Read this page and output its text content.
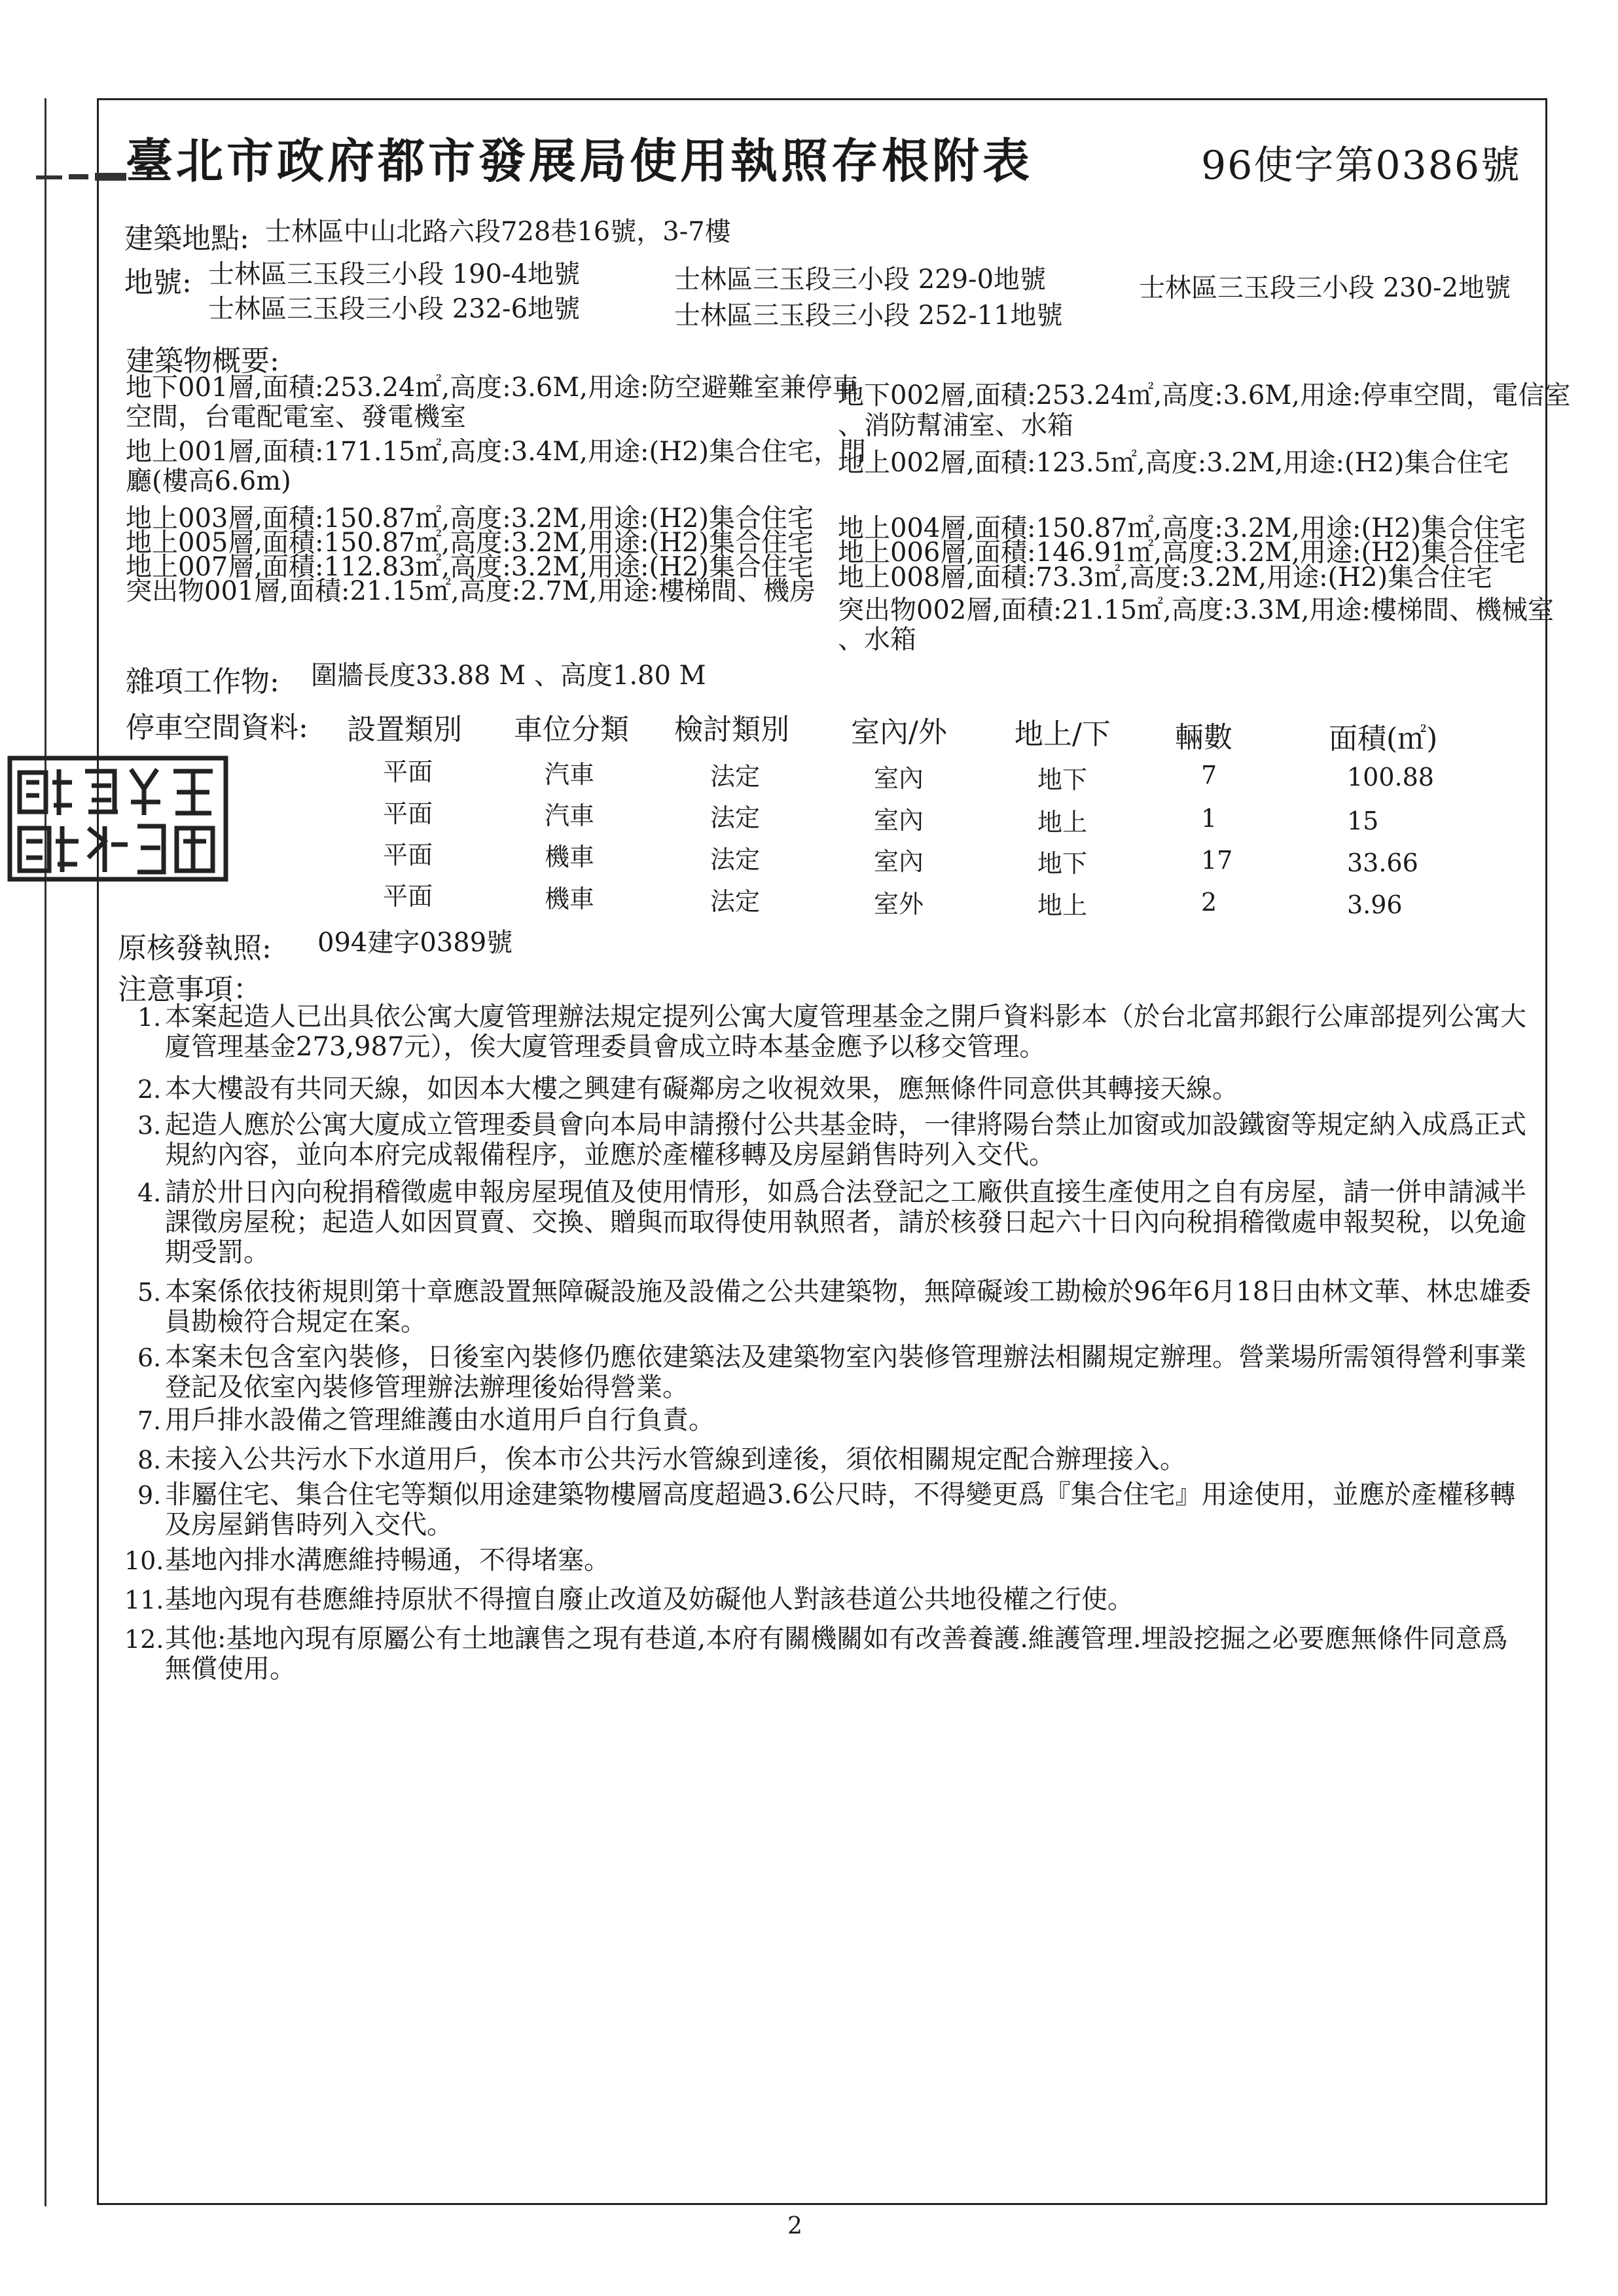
臺北市政府都市發展局使用執照存根附表	96使字第0386號
建築地點: 士林區中山北路六段728巷16號，3-7樓
地號: 士林區三玉段三小段 190-4地號	士林區三玉段三小段 229-0地號	士林區三玉段三小段 230-2地號
士林區三玉段三小段 232-6地號	士林區三玉段三小段 252-11地號
建築物概要:
地下001層,面積:253.24㎡,高度:3.6M,用途:防空避難室兼停車
空間，台電配電室、發電機室
地上001層,面積:171.15㎡,高度:3.4M,用途:(H2)集合住宅，門
廳(樓高6.6m)
地上003層,面積:150.87㎡,高度:3.2M,用途:(H2)集合住宅
地上005層,面積:150.87㎡,高度:3.2M,用途:(H2)集合住宅
地上007層,面積:112.83㎡,高度:3.2M,用途:(H2)集合住宅
突出物001層,面積:21.15㎡,高度:2.7M,用途:樓梯間、機房
地下002層,面積:253.24㎡,高度:3.6M,用途:停車空間，電信室
、消防幫浦室、水箱
地上002層,面積:123.5㎡,高度:3.2M,用途:(H2)集合住宅
地上004層,面積:150.87㎡,高度:3.2M,用途:(H2)集合住宅
地上006層,面積:146.91㎡,高度:3.2M,用途:(H2)集合住宅
地上008層,面積:73.3㎡,高度:3.2M,用途:(H2)集合住宅
突出物002層,面積:21.15㎡,高度:3.3M,用途:樓梯間、機械室
、水箱
雜項工作物: 圍牆長度33.88 M 、高度1.80 M
停車空間資料: 設置類別 車位分類 檢討類別 室內/外 地上/下 輛數	面積(㎡)
平面	汽車	法定	室內	地下	7	100.88
平面	汽車	法定	室內	地上	1	15
平面	機車	法定	室內	地下	17	33.66
平面	機車	法定	室外	地上	2	3.96
原核發執照: 094建字0389號
注意事項：
1. 本案起造人已出具依公寓大廈管理辦法規定提列公寓大廈管理基金之開戶資料影本（於台北富邦銀行公庫部提列公寓大廈管理基金273,987元），俟大廈管理委員會成立時本基金應予以移交管理。
2. 本大樓設有共同天線，如因本大樓之興建有礙鄰房之收視效果，應無條件同意供其轉接天線。
3. 起造人應於公寓大廈成立管理委員會向本局申請撥付公共基金時，一律將陽台禁止加窗或加設鐵窗等規定納入成爲正式規約內容，並向本府完成報備程序，並應於產權移轉及房屋銷售時列入交代。
4. 請於卅日內向稅捐稽徵處申報房屋現值及使用情形，如爲合法登記之工廠供直接生產使用之自有房屋，請一併申請減半課徵房屋稅；起造人如因買賣、交換、贈與而取得使用執照者，請於核發日起六十日內向稅捐稽徵處申報契稅，以免逾期受罰。
5. 本案係依技術規則第十章應設置無障礙設施及設備之公共建築物，無障礙竣工勘檢於96年6月18日由林文華、林忠雄委員勘檢符合規定在案。
6. 本案未包含室內裝修，日後室內裝修仍應依建築法及建築物室內裝修管理辦法相關規定辦理。營業場所需領得營利事業登記及依室內裝修管理辦法辦理後始得營業。
7. 用戶排水設備之管理維護由水道用戶自行負責。
8. 未接入公共污水下水道用戶，俟本市公共污水管線到達後，須依相關規定配合辦理接入。
9. 非屬住宅、集合住宅等類似用途建築物樓層高度超過3.6公尺時，不得變更爲『集合住宅』用途使用，並應於產權移轉及房屋銷售時列入交代。
10. 基地內排水溝應維持暢通，不得堵塞。
11. 基地內現有巷應維持原狀不得擅自廢止改道及妨礙他人對該巷道公共地役權之行使。
12. 其他:基地內現有原屬公有土地讓售之現有巷道,本府有關機關如有改善養護.維護管理.埋設挖掘之必要應無條件同意爲無償使用。
2
